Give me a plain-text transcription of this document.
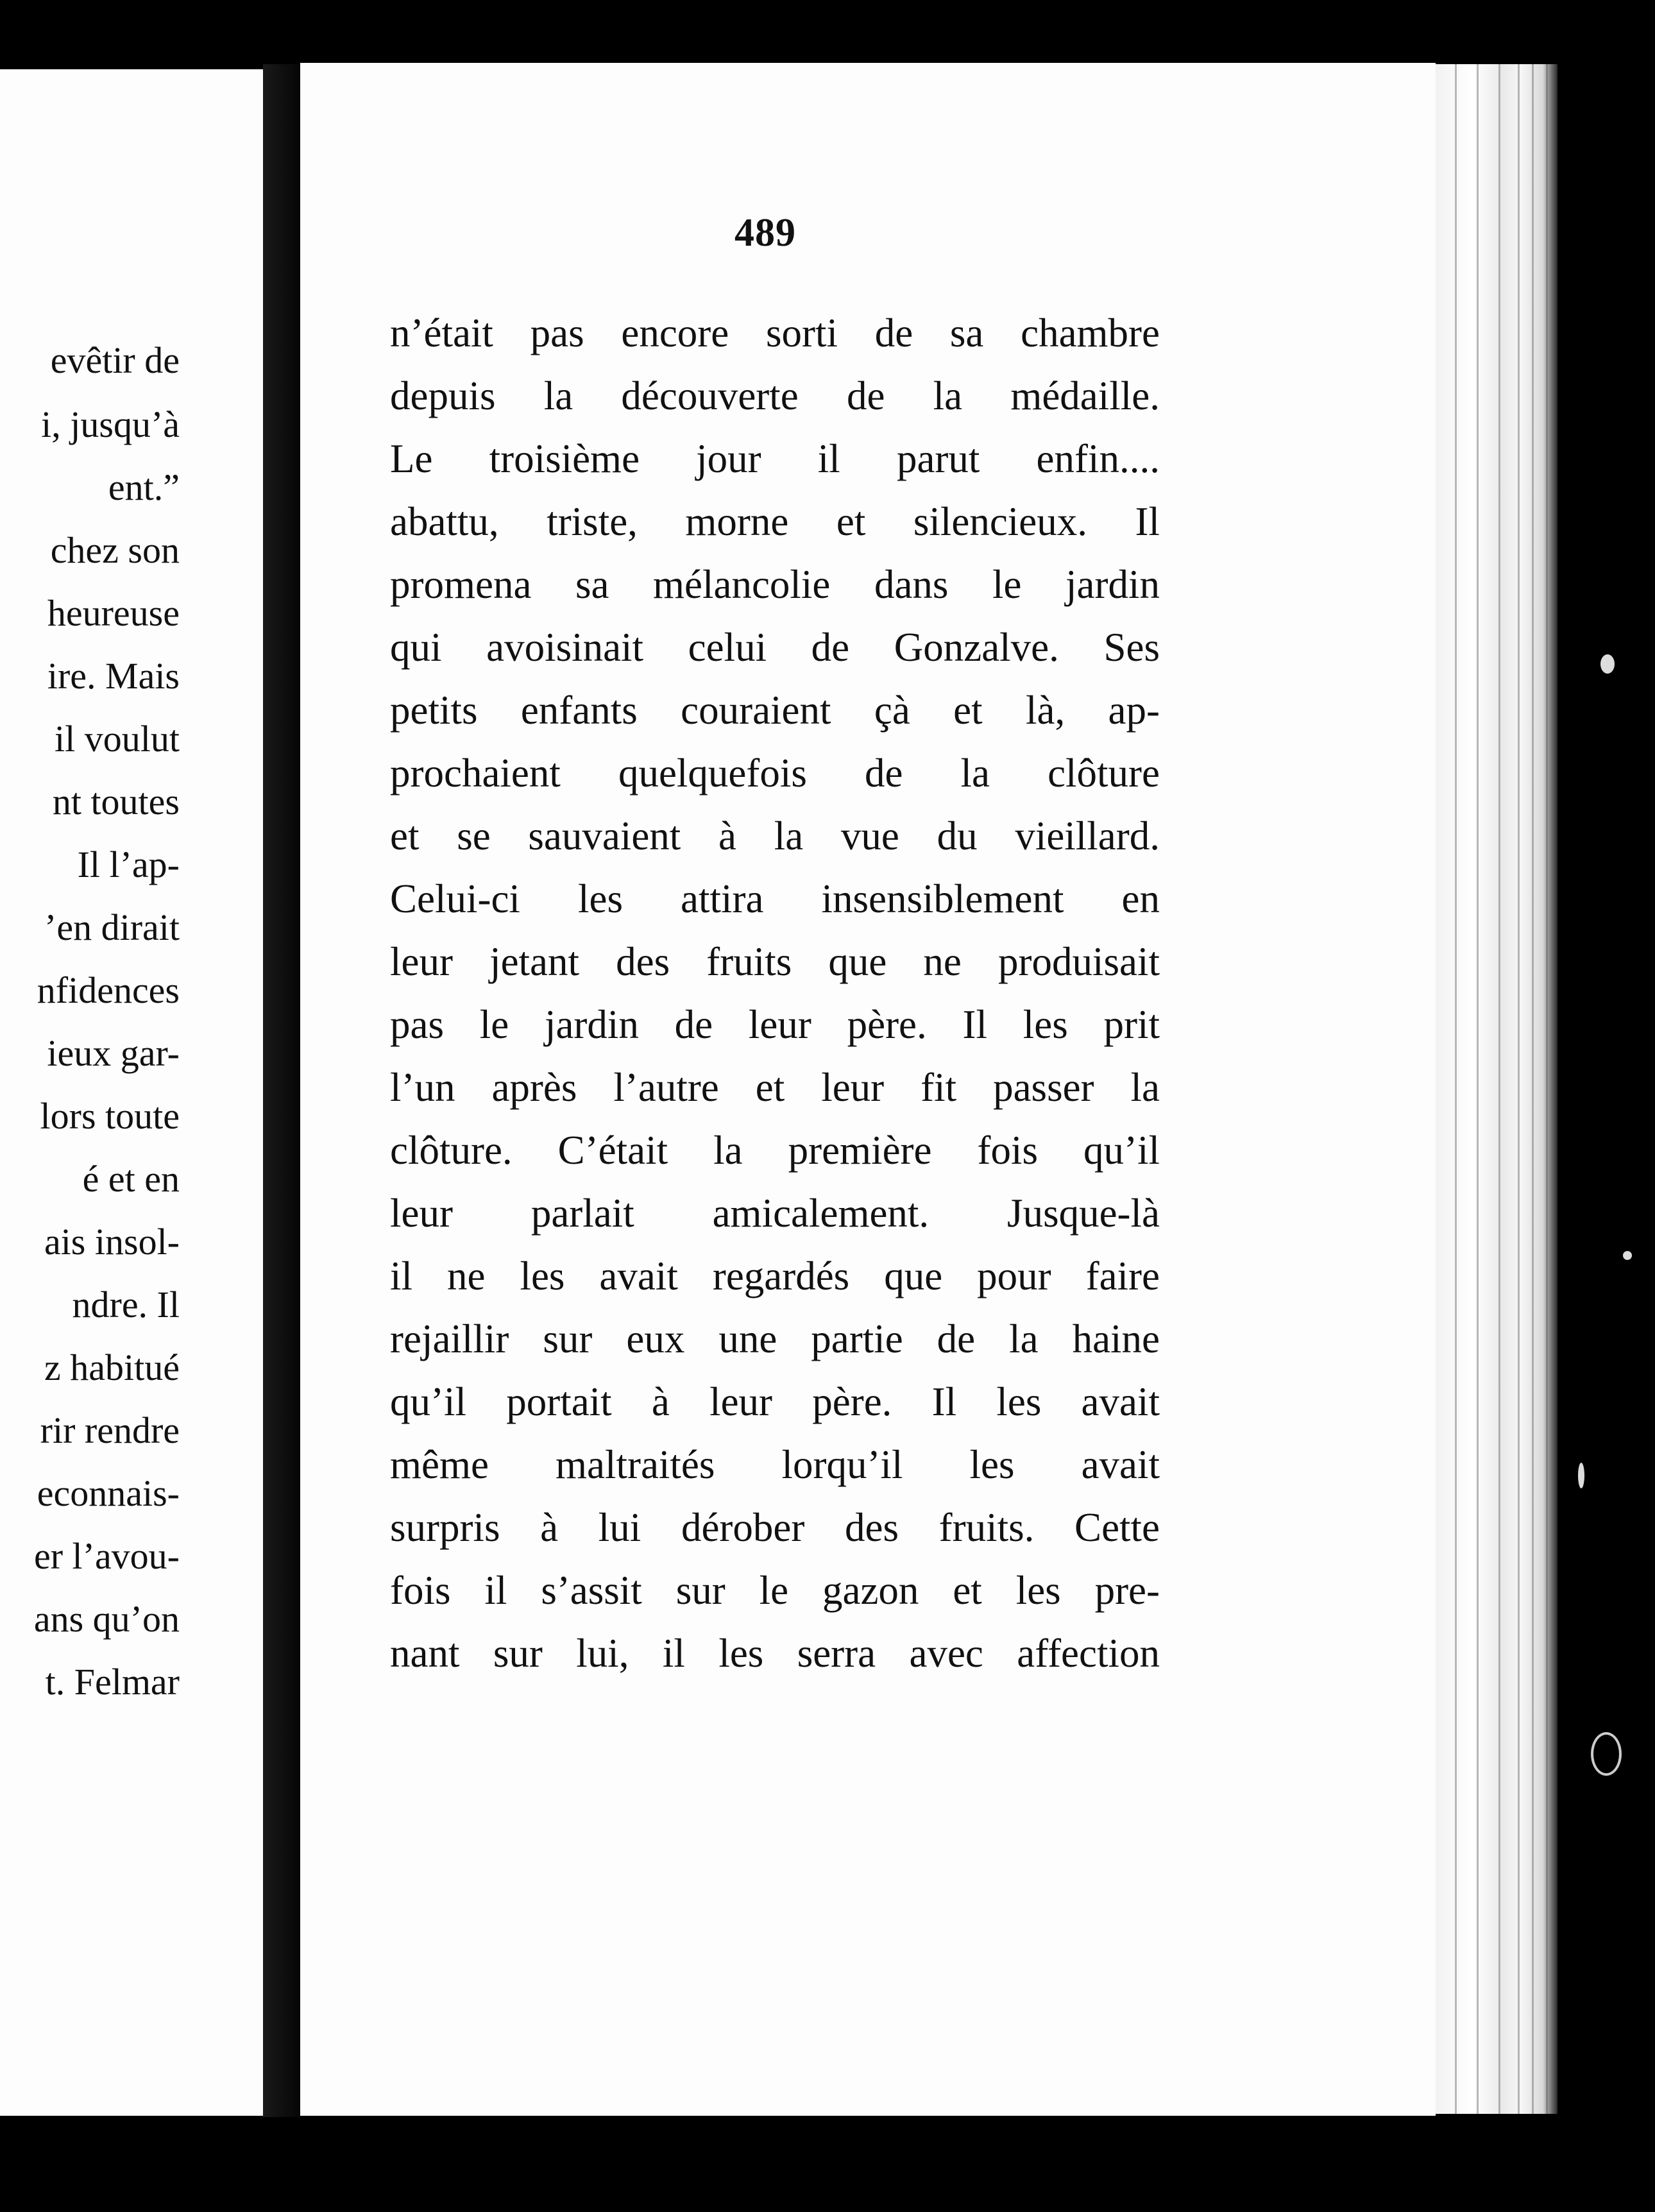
evêtir de
i, jusqu’à
ent.”
chez son
heureuse
ire. Mais
il voulut
nt toutes
Il l’ap-
’en dirait
nfidences
ieux gar-
lors toute
é et en
ais insol-
ndre. Il
z habitué
rir rendre
econnais-
er l’avou-
ans qu’on
t. Felmar
489
n’était pas encore sorti de sa chambre
depuis la découverte de la médaille.
Le troisième jour il parut enfin....
abattu, triste, morne et silencieux. Il
promena sa mélancolie dans le jardin
qui avoisinait celui de Gonzalve. Ses
petits enfants couraient çà et là, ap-
prochaient quelquefois de la clôture
et se sauvaient à la vue du vieillard.
Celui-ci les attira insensiblement en
leur jetant des fruits que ne produisait
pas le jardin de leur père. Il les prit
l’un après l’autre et leur fit passer la
clôture. C’était la première fois qu’il
leur parlait amicalement. Jusque-là
il ne les avait regardés que pour faire
rejaillir sur eux une partie de la haine
qu’il portait à leur père. Il les avait
même maltraités lorqu’il les avait
surpris à lui dérober des fruits. Cette
fois il s’assit sur le gazon et les pre-
nant sur lui, il les serra avec affection
